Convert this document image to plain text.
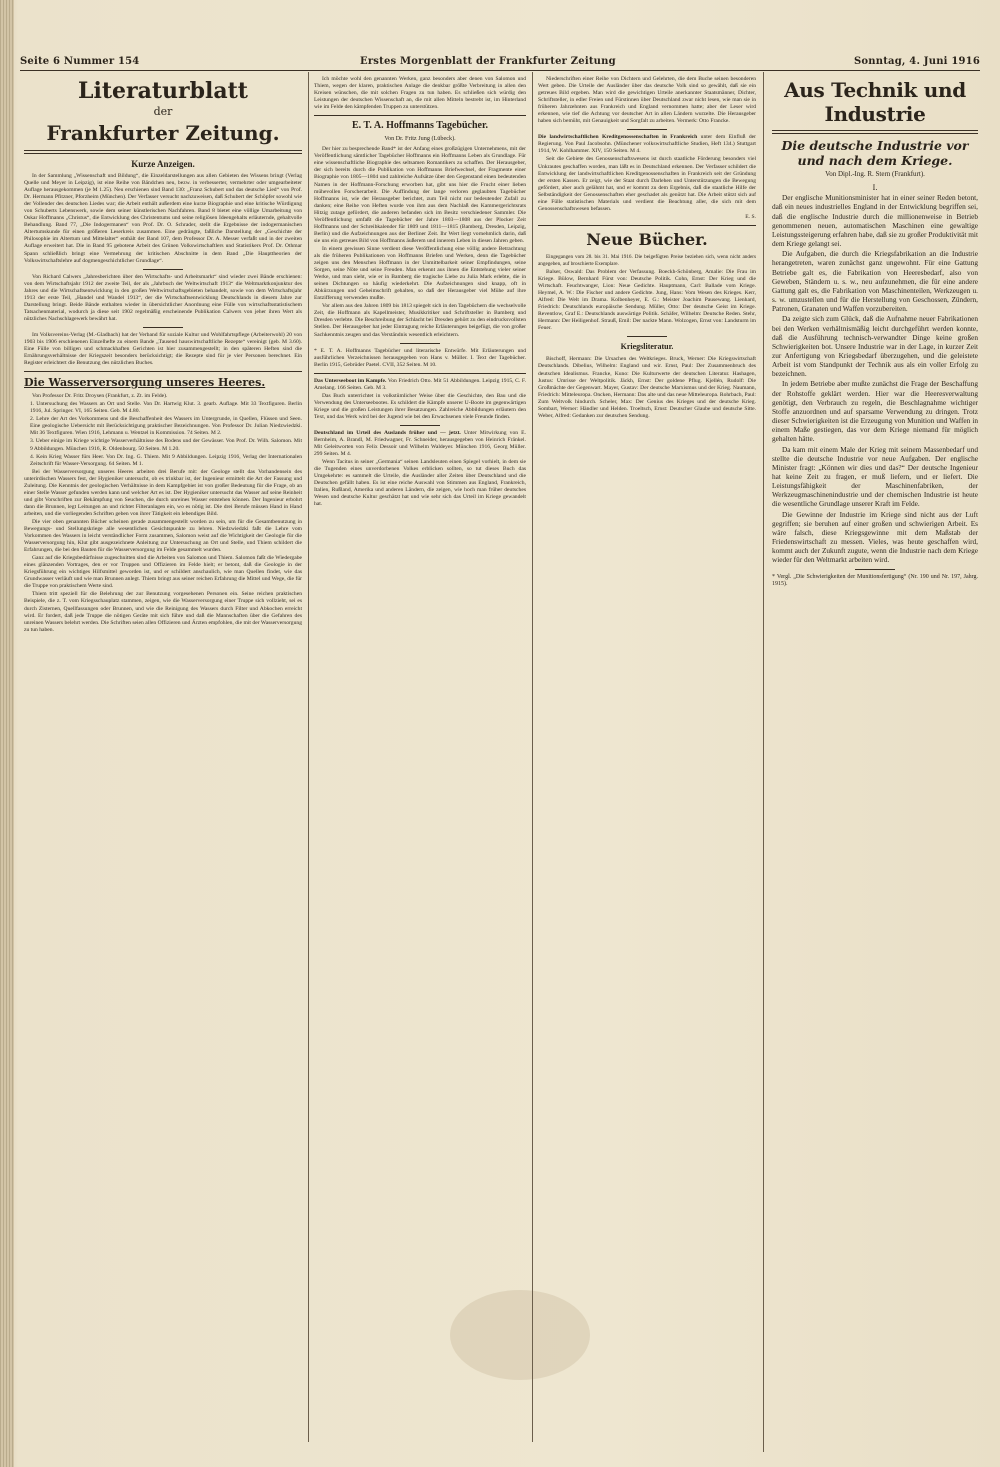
Seite 6 Nummer 154	Erstes Morgenblatt der Frankfurter Zeitung	Sonntag, 4. Juni 1916
Literaturblatt
der
Frankfurter Zeitung.
Kurze Anzeigen.

In der Sammlung „Wissenschaft und Bildung“, die Einzeldarstellungen aus allen Gebieten des Wissens bringt (Verlag Quelle und Meyer in Leipzig), ist eine Reihe von Bändchen neu, bezw. in verbesserter, vermehrter oder umgearbeiteter Auflage herausgekommen (je M 1.25). Neu erschienen sind Band 130: „Franz Schubert und das deutsche Lied“ von Prof. Dr. Hermann Pfitzner, Pforzheim (München). Der Verfasser versucht nachzuweisen, daß Schubert der Schöpfer sowohl wie der Vollender des deutschen Liedes war; die Arbeit enthält außerdem eine kurze Biographie und eine kritische Würdigung von Schuberts Lebenswerk, sowie dem seiner künstlerischen Nachfahren. Band 8 bietet eine völlige Umarbeitung von Oskar Hoffmanns „Christus“, die Entwicklung des Christentums und seine religiösen Ideengehalts erläuternde, gehaltvolle Behandlung. Band 77, „Die Indogermanen“ von Prof. Dr. O. Schrader, stellt die Ergebnisse der indogermanischen Altertumskunde für einen größeren Leserkreis zusammen. Eine gedrängte, faßliche Darstellung der „Geschichte der Philosophie im Altertum und Mittelalter“ enthält der Band 107, dem Professor Dr. A. Messer verfaßt und in der zweiten Auflage erweitert hat. Die in Band 95 gebotene Arbeit des Grünen Volkswirtschaftlers und Statistikers Prof. Dr. Othmar Spann schließlich bringt eine Vermehrung der kritischen Abschnitte in dem Band „Die Haupttheorien der Volkswirtschaftslehre auf dogmengeschichtlicher Grundlage“.

Von Richard Calwers „Jahresberichten über den Wirtschafts- und Arbeitsmarkt“ sind wieder zwei Bände erschienen: von dem Wirtschaftsjahr 1912 der zweite Teil, der als „Jahrbuch der Weltwirtschaft 1913“ die Weltmarktkonjunktur des Jahres und die Wirtschaftsentwicklung in den großen Weltwirtschaftsgebieten behandelt, sowie von dem Wirtschaftsjahr 1913 der erste Teil, „Handel und Wandel 1913“, der die Wirtschaftsentwicklung Deutschlands in diesem Jahre zur Darstellung bringt. Beide Bände enthalten wieder in übersichtlicher Anordnung eine Fülle von wirtschaftsstatistischem Tatsachenmaterial, wodurch ja diese seit 1902 regelmäßig erscheinende Publikation Calwers von jeher ihren Wert als nützliches Nachschlagewerk bewährt hat.

Im Volksvereins-Verlag (M.-Gladbach) hat der Verband für soziale Kultur und Wohlfahrtspflege (Arbeiterwohl) 20 von 1903 bis 1906 erschienenen Einzelhefte zu einem Bande „Tausend hauswirtschaftliche Rezepte“ vereinigt (geb. M 3.60). Eine Fülle von billigen und schmackhaften Gerichten ist hier zusammengestellt; in den späteren Heften sind die Ernährungsverhältnisse der Kriegszeit besonders berücksichtigt; die Rezepte sind für je vier Personen berechnet. Ein Register erleichtert die Benutzung des nützlichen Buches.

Die Wasserversorgung unseres Heeres.

Von Professor Dr. Fritz Droysen (Frankfurt, z. Zt. im Felde).

1. Untersuchung des Wassers an Ort und Stelle. Von Dr. Hartwig Klut. 3. gearb. Auflage. Mit 33 Textfiguren. Berlin 1916, Jul. Springer. VI, 165 Seiten. Geb. M 4.80.

2. Lehre der Art des Vorkommens und die Beschaffenheit des Wassers im Untergrunde, in Quellen, Flüssen und Seen. Eine geologische Uebersicht mit Berücksichtigung praktischer Bezeichnungen. Von Professor Dr. Julian Niedzwiedzki. Mit 36 Textfiguren. Wien 1916, Lehmann u. Wentzel in Kommission. 74 Seiten. M 2.

3. Ueber einige im Kriege wichtige Wasserverhältnisse des Bodens und der Gewässer. Von Prof. Dr. Wilh. Salomon. Mit 9 Abbildungen. München 1916, R. Oldenbourg. 50 Seiten. M 1.20.

4. Kein Krieg Wasser fürs Heer. Von Dr. Ing. G. Thiem. Mit 9 Abbildungen. Leipzig 1916, Verlag der Internationalen Zeitschrift für Wasser-Versorgung. 64 Seiten. M 1.

Bei der Wasserversorgung unseres Heeres arbeiten drei Berufe mit: der Geologe stellt das Vorhandensein des unterirdischen Wassers fest, der Hygieniker untersucht, ob es trinkbar ist, der Ingenieur ermittelt die Art der Fassung und Zuleitung. Die Kenntnis der geologischen Verhältnisse in dem Kampfgebiet ist von großer Bedeutung für die Frage, ob an einer Stelle Wasser gefunden werden kann und welcher Art es ist. Der Hygieniker untersucht das Wasser auf seine Reinheit und gibt Vorschriften zur Bekämpfung von Seuchen, die durch unreines Wasser entstehen können. Der Ingenieur erbohrt dann die Brunnen, legt Leitungen an und richtet Filteranlagen ein, wo es nötig ist. Die drei Berufe müssen Hand in Hand arbeiten, und die vorliegenden Schriften geben von ihrer Tätigkeit ein lebendiges Bild.

Die vier oben genannten Bücher scheinen gerade zusammengestellt worden zu sein, um für die Gesamtbenutzung in Bewegungs- und Stellungskriege alle wesentlichen Gesichtspunkte zu lehren. Niedzwiedzki faßt die Lehre vom Vorkommen des Wassers in leicht verständlicher Form zusammen, Salomon weist auf die Wichtigkeit der Geologie für die Wasserversorgung hin, Klut gibt ausgezeichnete Anleitung zur Untersuchung an Ort und Stelle, und Thiem schildert die Erfahrungen, die bei den Bauten für die Wasserversorgung im Felde gesammelt wurden.

Ganz auf die Kriegsbedürfnisse zugeschnitten sind die Arbeiten von Salomon und Thiem. Salomon faßt die Wiedergabe eines glänzenden Vortrages, den er vor Truppen und Offizieren im Felde hielt; er betont, daß die Geologie in der Kriegsführung ein wichtiges Hilfsmittel geworden ist, und er schildert anschaulich, wie man Quellen findet, wie das Grundwasser verläuft und wie man Brunnen anlegt. Thiem bringt aus seiner reichen Erfahrung die Mittel und Wege, die für die Truppe von praktischem Werte sind.

Thiem tritt speziell für die Belehrung der zur Benutzung vorgesehenen Personen ein. Seine reichen praktischen Beispiele, die z. T. vom Kriegsschauplatz stammen, zeigen, wie die Wasserversorgung einer Truppe sich vollzieht, sei es durch Zisternen, Quellfassungen oder Brunnen, und wie die Reinigung des Wassers durch Filter und Abkochen erreicht wird. Er fordert, daß jede Truppe die nötigen Geräte mit sich führe und daß die Mannschaften über die Gefahren des unreinen Wassers belehrt werden. Die Schriften seien allen Offizieren und Ärzten empfohlen, die mit der Wasserversorgung zu tun haben.

Ich möchte wohl den genannten Werken, ganz besonders aber denen von Salomon und Thiem, wegen der klaren, praktischen Anlage die denkbar größte Verbreitung in allen den Kreisen wünschen, die mit solchen Fragen zu tun haben. Es schließen sich würdig den Leistungen der deutschen Wissenschaft an, die mit allen Mitteln bestrebt ist, im Hinterland wie im Felde den kämpfenden Truppen zu unterstützen.

E. T. A. Hoffmanns Tagebücher.
Von Dr. Fritz Jung (Lübeck).

Der hier zu besprechende Band* ist der Anfang eines großzügigen Unternehmens, mit der Veröffentlichung sämtlicher Tagebücher Hoffmanns ein Hoffmanns Leben als Grundlage. Für eine wissenschaftliche Biographie des seltsamen Romantikers zu schaffen. Der Herausgeber, der sich bereits durch die Publikation von Hoffmanns Briefwechsel, der Fragmente einer Biographie von 1805—1804 und zahlreiche Aufsätze über den Gegenstand einen bedeutenden Namen in der Hoffmann-Forschung erworben hat, gibt uns hier die Frucht einer lieben mühevollen Forscherarbeit. Die Auffindung der lange verloren geglaubten Tagebücher Hoffmanns ist, wie der Herausgeber berichtet, zum Teil nicht nur bedeutender Zufall zu danken; eine Reihe von Heften wurde von ihm aus dem Nachlaß des Kammergerichtsrats Hitzig zutage gefördert, die anderen befanden sich im Besitz verschiedener Sammler. Die Veröffentlichung umfaßt die Tagebücher der Jahre 1803—1808 aus der Plocker Zeit Hoffmanns und der Schreibkalender für 1809 und 1811—1815 (Bamberg, Dresden, Leipzig, Berlin) und die Aufzeichnungen aus der Berliner Zeit. Ihr Wert liegt vornehmlich darin, daß sie uns ein getreues Bild von Hoffmanns äußerem und innerem Leben in diesen Jahren geben.

In einem gewissen Sinne verdient diese Veröffentlichung eine völlig andere Betrachtung als die früheren Publikationen von Hoffmanns Briefen und Werken, denn die Tagebücher zeigen uns den Menschen Hoffmann in der Unmittelbarkeit seiner Empfindungen, seine Sorgen, seine Nöte und seine Freuden. Man erkennt aus ihnen die Entstehung vieler seiner Werke, und man sieht, wie er in Bamberg die tragische Liebe zu Julia Mark erlebte, die in seinen Dichtungen so häufig wiederkehrt. Die Aufzeichnungen sind knapp, oft in Abkürzungen und Geheimschrift gehalten, so daß der Herausgeber viel Mühe auf ihre Entzifferung verwenden mußte.

Vor allem aus den Jahren 1809 bis 1813 spiegelt sich in den Tagebüchern die wechselvolle Zeit, die Hoffmann als Kapellmeister, Musikkritiker und Schriftsteller in Bamberg und Dresden verlebte. Die Beschreibung der Schlacht bei Dresden gehört zu den eindrucksvollsten Stellen. Der Herausgeber hat jeder Eintragung reiche Erläuterungen beigefügt, die von großer Sachkenntnis zeugen und das Verständnis wesentlich erleichtern.

* E. T. A. Hoffmanns Tagebücher und literarische Entwürfe. Mit Erläuterungen und ausführlichen Verzeichnissen herausgegeben von Hans v. Müller. I. Text der Tagebücher. Berlin 1915, Gebrüder Paetel. CVII, 352 Seiten. M 10.

Das Unterseeboot im Kampfe. Von Friedrich Otto. Mit 51 Abbildungen. Leipzig 1915, C. F. Amelang. 166 Seiten. Geb. M 3.

Das Buch unterrichtet in volkstümlicher Weise über die Geschichte, den Bau und die Verwendung des Unterseebootes. Es schildert die Kämpfe unserer U-Boote im gegenwärtigen Kriege und die großen Leistungen ihrer Besatzungen. Zahlreiche Abbildungen erläutern den Text, und das Werk wird bei der Jugend wie bei den Erwachsenen viele Freunde finden.

Deutschland im Urteil des Auslands früher und — jetzt. Unter Mitwirkung von E. Bernheim, A. Brandl, M. Friedwagner, Fr. Schneider, herausgegeben von Heinrich Fränkel. Mit Geleitworten von Felix Dessoir und Wilhelm Waldeyer. München 1916, Georg Müller. 299 Seiten. M 4.

Wenn Tacitus in seiner „Germania“ seinen Landsleuten einen Spiegel vorhielt, in dem sie die Tugenden eines unverdorbenen Volkes erblicken sollten, so tut dieses Buch das Umgekehrte: es sammelt die Urteile, die Ausländer aller Zeiten über Deutschland und die Deutschen gefällt haben. Es ist eine reiche Auswahl von Stimmen aus England, Frankreich, Italien, Rußland, Amerika und anderen Ländern, die zeigen, wie hoch man früher deutsches Wesen und deutsche Kultur geschätzt hat und wie sehr sich das Urteil im Kriege gewandelt hat.

Niederschriften einer Reihe von Dichtern und Gelehrten, die dem Buche seinen besonderen Wert geben. Die Urteile der Ausländer über das deutsche Volk sind so gewählt, daß sie ein getreues Bild ergeben. Man wird die gewichtigen Urteile anerkannter Staatsmänner, Dichter, Schriftsteller, in edler Freien und Fürstinnen über Deutschland zwar nicht lesen, wie man sie in früheren Jahrzehnten aus Frankreich und England vernommen hatte; aber der Leser wird erkennen, wie tief die Achtung vor deutscher Art in allen Ländern wurzelte. Die Herausgeber haben sich bemüht, mit Genauigkeit und Sorgfalt zu arbeiten. Vermerk: Otto Francke.

Die landwirtschaftlichen Kreditgenossenschaften in Frankreich unter dem Einfluß der Regierung. Von Paul Jacobsohn. (Münchener volkswirtschaftliche Studien, Heft 134.) Stuttgart 1914, W. Kohlhammer. XIV, 150 Seiten. M 4.

Seit die Gebiete des Genossenschaftswesens ist durch staatliche Förderung besonders viel Unkrautes geschaffen worden, man läßt es in Deutschland erkennen. Der Verfasser schildert die Entwicklung der landwirtschaftlichen Kreditgenossenschaften in Frankreich seit der Gründung der ersten Kassen. Er zeigt, wie der Staat durch Darlehen und Unterstützungen die Bewegung gefördert, aber auch gelähmt hat, und er kommt zu dem Ergebnis, daß die staatliche Hilfe der Selbständigkeit der Genossenschaften eher geschadet als genützt hat. Die Arbeit stützt sich auf eine Fülle statistischen Materials und verdient die Beachtung aller, die sich mit dem Genossenschaftswesen befassen.

E. S.

Neue Bücher.

Eingegangen vom 28. bis 31. Mai 1916. Die beigefügten Preise beziehen sich, wenn nicht anders angegeben, auf broschierte Exemplare.

Balser, Oswald: Das Problem der Verfassung. Boeckh-Schönberg, Amalie: Die Frau im Kriege. Bülow, Bernhard Fürst von: Deutsche Politik. Cohn, Ernst: Der Krieg und die Wirtschaft. Feuchtwanger, Lion: Neue Gedichte. Hauptmann, Carl: Ballade vom Kriege. Heymel, A. W.: Die Fischer und andere Gedichte. Jung, Hans: Vom Wesen des Krieges. Kerr, Alfred: Die Welt im Drama. Kolbenheyer, E. G.: Meister Joachim Pausewang. Lienhard, Friedrich: Deutschlands europäische Sendung. Müller, Otto: Der deutsche Geist im Kriege. Reventlow, Graf E.: Deutschlands auswärtige Politik. Schäfer, Wilhelm: Deutsche Reden. Stehr, Hermann: Der Heiligenhof. Strauß, Emil: Der nackte Mann. Wolzogen, Ernst von: Landsturm im Feuer.

Kriegsliteratur.

Bischoff, Hermann: Die Ursachen des Weltkrieges. Bruck, Werner: Die Kriegswirtschaft Deutschlands. Dibelius, Wilhelm: England und wir. Ernst, Paul: Der Zusammenbruch des deutschen Idealismus. Francke, Kuno: Die Kulturwerte der deutschen Literatur. Hashagen, Justus: Umrisse der Weltpolitik. Jäckh, Ernst: Der goldene Pflug. Kjellén, Rudolf: Die Großmächte der Gegenwart. Mayer, Gustav: Der deutsche Marxismus und der Krieg. Naumann, Friedrich: Mitteleuropa. Oncken, Hermann: Das alte und das neue Mitteleuropa. Rohrbach, Paul: Zum Weltvolk hindurch. Scheler, Max: Der Genius des Krieges und der deutsche Krieg. Sombart, Werner: Händler und Helden. Troeltsch, Ernst: Deutscher Glaube und deutsche Sitte. Weber, Alfred: Gedanken zur deutschen Sendung.

Aus Technik und Industrie
Die deutsche Industrie vor und nach dem Kriege.
Von Dipl.-Ing. R. Stern (Frankfurt).

I.

Der englische Munitionsminister hat in einer seiner Reden betont, daß ein neues industrielles England in der Entwicklung begriffen sei, daß die englische Industrie durch die millionenweise in Betrieb genommenen neuen, automatischen Maschinen eine gewaltige Leistungssteigerung erfahren habe, daß sie zu großer Produktivität mit dem Kriege gelangt sei.

Die Aufgaben, die durch die Kriegsfabrikation an die Industrie herangetreten, waren zunächst ganz ungewohnt. Für eine Gattung Betriebe galt es, die Fabrikation von Heeresbedarf, also von Geweben, Ständern u. s. w., neu aufzunehmen, die für eine andere Gattung galt es, die Fabrikation von Maschinenteilen, Werkzeugen u. s. w. umzustellen und für die Herstellung von Geschossen, Zündern, Patronen, Granaten und Waffen vorzubereiten.

Da zeigte sich zum Glück, daß die Aufnahme neuer Fabrikationen bei den Werken verhältnismäßig leicht durchgeführt werden konnte, daß die Ausführung technisch-verwandter Dinge keine großen Schwierigkeiten bot. Unsere Industrie war in der Lage, in kurzer Zeit zur Anfertigung von Kriegsbedarf überzugehen, und die geleistete Arbeit ist vom Standpunkt der Technik aus als ein voller Erfolg zu bezeichnen.

In jedem Betriebe aber mußte zunächst die Frage der Beschaffung der Rohstoffe geklärt werden. Hier war die Heeresverwaltung genötigt, den Verbrauch zu regeln, die Beschlagnahme wichtiger Stoffe anzuordnen und auf sparsame Verwendung zu dringen. Trotz dieser Schwierigkeiten ist die Erzeugung von Munition und Waffen in einem Maße gestiegen, das vor dem Kriege niemand für möglich gehalten hätte.

Da kam mit einem Male der Krieg mit seinem Massenbedarf und stellte die deutsche Industrie vor neue Aufgaben. Der englische Minister fragt: „Können wir dies und das?“ Der deutsche Ingenieur hat keine Zeit zu fragen, er muß liefern, und er liefert. Die Leistungsfähigkeit der Maschinenfabriken, der Werkzeugmaschinenindustrie und der chemischen Industrie ist heute die wesentliche Grundlage unserer Kraft im Felde.

Die Gewinne der Industrie im Kriege sind nicht aus der Luft gegriffen; sie beruhen auf einer großen und schwierigen Arbeit. Es wäre falsch, diese Kriegsgewinne mit dem Maßstab der Friedenswirtschaft zu messen. Vieles, was heute geschaffen wird, kommt auch der Zukunft zugute, wenn die Industrie nach dem Kriege wieder für den Weltmarkt arbeiten wird.

* Vergl. „Die Schwierigkeiten der Munitionsfertigung“ (Nr. 190 und Nr. 197, Jahrg. 1915).
